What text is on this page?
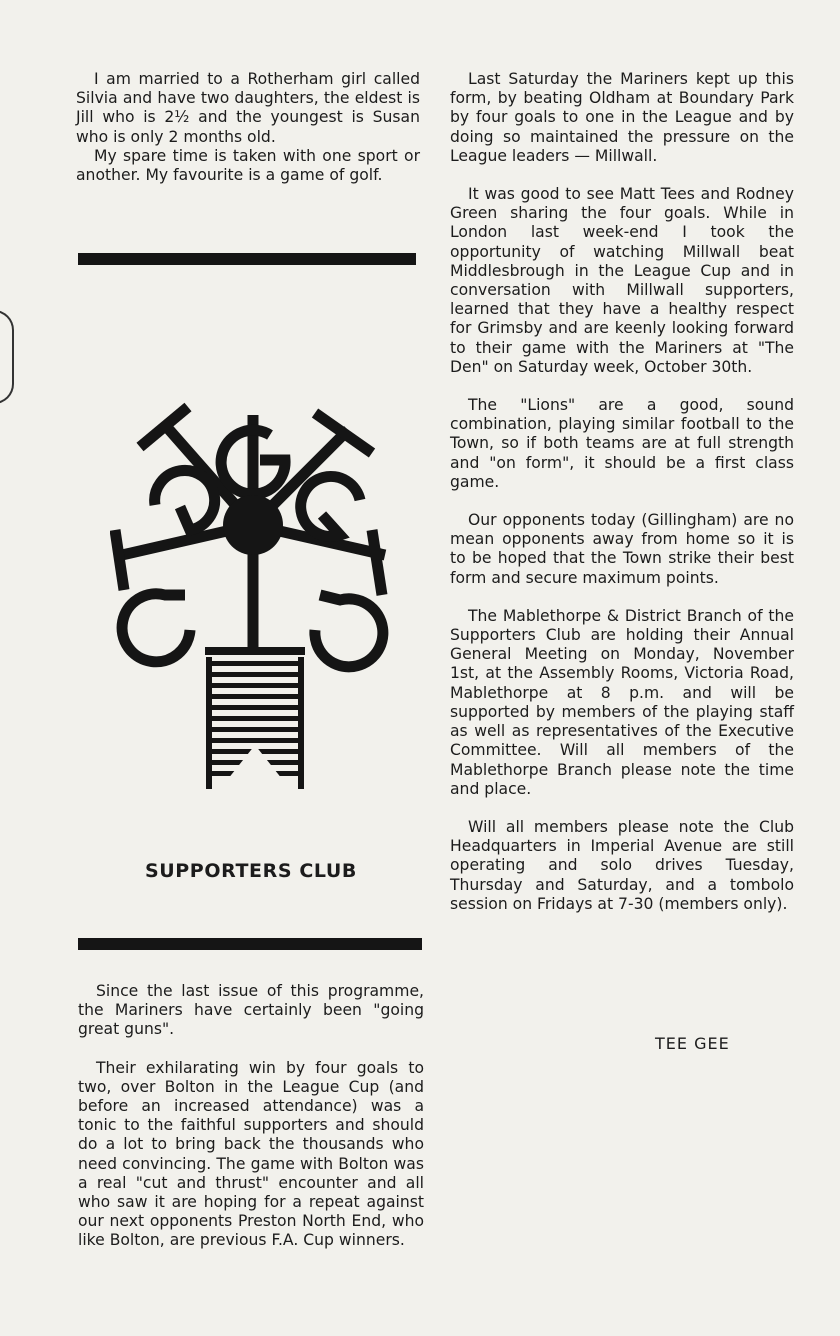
I am married to a Rotherham girl called Silvia and have two daughters, the eldest is Jill who is 2½ and the youngest is Susan who is only 2 months old.

My spare time is taken with one sport or another. My favourite is a game of golf.

SUPPORTERS CLUB

Since the last issue of this programme, the Mariners have certainly been "going great guns".

Their exhilarating win by four goals to two, over Bolton in the League Cup (and before an increased attendance) was a tonic to the faithful supporters and should do a lot to bring back the thousands who need convincing. The game with Bolton was a real "cut and thrust" encounter and all who saw it are hoping for a repeat against our next opponents Preston North End, who like Bolton, are previous F.A. Cup winners.

Last Saturday the Mariners kept up this form, by beating Oldham at Boundary Park by four goals to one in the League and by doing so maintained the pressure on the League leaders — Millwall.

It was good to see Matt Tees and Rodney Green sharing the four goals. While in London last week-end I took the opportunity of watching Millwall beat Middlesbrough in the League Cup and in conversation with Millwall supporters, learned that they have a healthy respect for Grimsby and are keenly looking forward to their game with the Mariners at "The Den" on Saturday week, October 30th.

The "Lions" are a good, sound combination, playing similar football to the Town, so if both teams are at full strength and "on form", it should be a first class game.

Our opponents today (Gillingham) are no mean opponents away from home so it is to be hoped that the Town strike their best form and secure maximum points.

The Mablethorpe & District Branch of the Supporters Club are holding their Annual General Meeting on Monday, November 1st, at the Assembly Rooms, Victoria Road, Mablethorpe at 8 p.m. and will be supported by members of the playing staff as well as representatives of the Executive Committee. Will all members of the Mablethorpe Branch please note the time and place.

Will all members please note the Club Headquarters in Imperial Avenue are still operating and solo drives Tuesday, Thursday and Saturday, and a tombolo session on Fridays at 7-30 (members only).

TEE GEE
